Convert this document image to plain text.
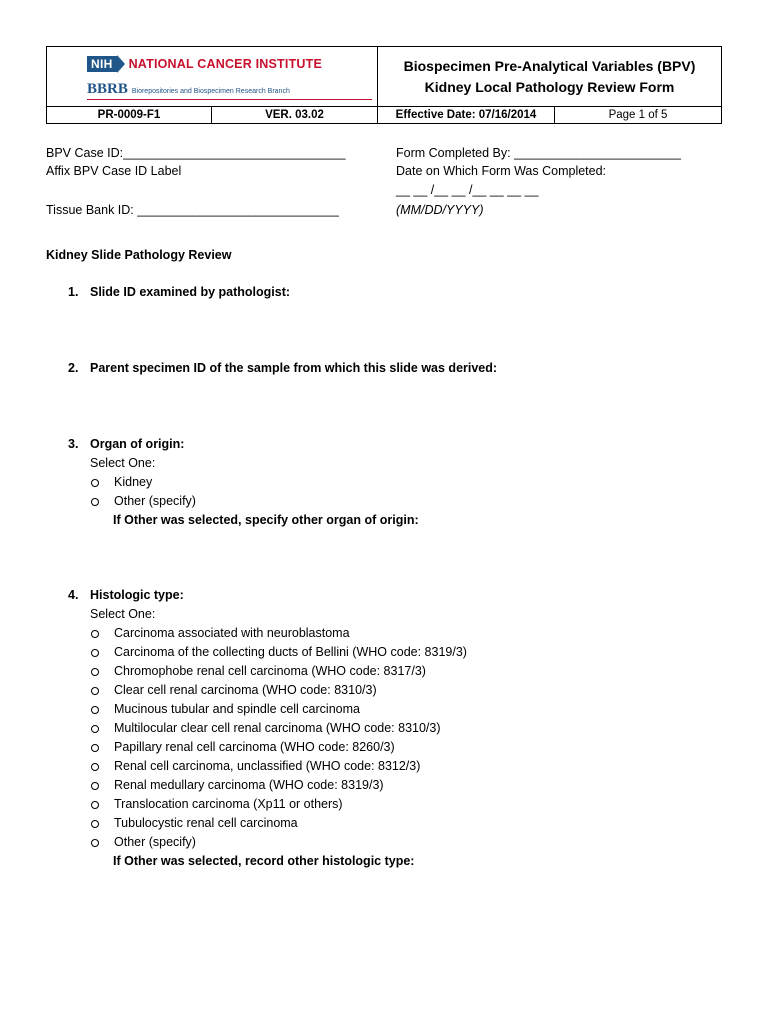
NIH	NATIONAL CANCER INSTITUTE
BBRB Biorepositories and Biospecimen Research Branch
Biospecimen Pre-Analytical Variables (BPV)
Kidney Local Pathology Review Form
PR-0009-F1	VER. 03.02	Effective Date: 07/16/2014	Page 1 of 5
BPV Case ID:________________________________
Affix BPV Case ID Label
Tissue Bank ID: _____________________________
Form Completed By: ________________________
Date on Which Form Was Completed:
__ __ /__ __ /__ __ __ __
(MM/DD/YYYY)
Kidney Slide Pathology Review
1. Slide ID examined by pathologist:
2. Parent specimen ID of the sample from which this slide was derived:
3. Organ of origin:
Select One:
Kidney
Other (specify)
If Other was selected, specify other organ of origin:
4. Histologic type:
Select One:
Carcinoma associated with neuroblastoma
Carcinoma of the collecting ducts of Bellini (WHO code: 8319/3)
Chromophobe renal cell carcinoma (WHO code: 8317/3)
Clear cell renal carcinoma (WHO code: 8310/3)
Mucinous tubular and spindle cell carcinoma
Multilocular clear cell renal carcinoma (WHO code: 8310/3)
Papillary renal cell carcinoma (WHO code: 8260/3)
Renal cell carcinoma, unclassified (WHO code: 8312/3)
Renal medullary carcinoma (WHO code: 8319/3)
Translocation carcinoma (Xp11 or others)
Tubulocystic renal cell carcinoma
Other (specify)
If Other was selected, record other histologic type:
